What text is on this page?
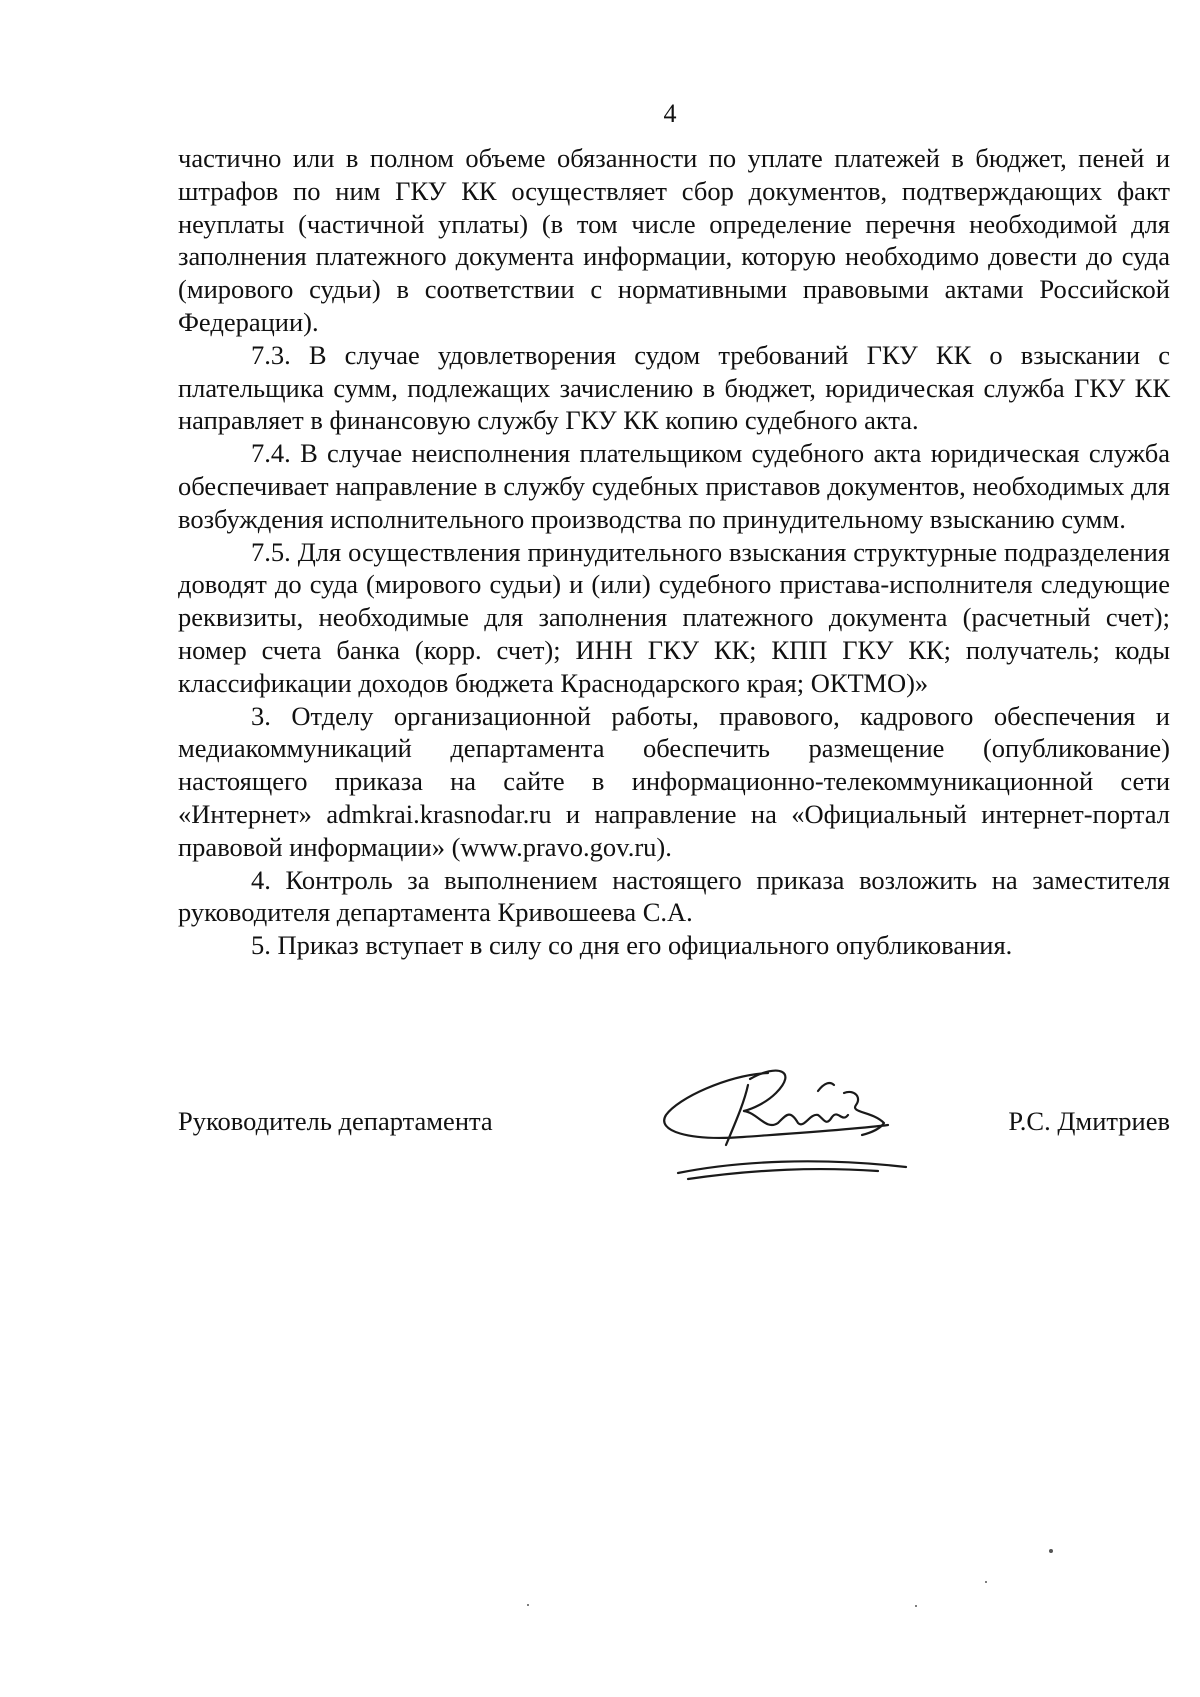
4

частично или в полном объеме обязанности по уплате платежей в бюджет, пеней и штрафов по ним ГКУ КК осуществляет сбор документов, подтверждающих факт неуплаты (частичной уплаты) (в том числе определение перечня необходимой для заполнения платежного документа информации, которую необходимо довести до суда (мирового судьи) в соответствии с нормативными правовыми актами Российской Федерации).

7.3. В случае удовлетворения судом требований ГКУ КК о взыскании с плательщика сумм, подлежащих зачислению в бюджет, юридическая служба ГКУ КК направляет в финансовую службу ГКУ КК копию судебного акта.

7.4. В случае неисполнения плательщиком судебного акта юридическая служба обеспечивает направление в службу судебных приставов документов, необходимых для возбуждения исполнительного производства по принудительному взысканию сумм.

7.5. Для осуществления принудительного взыскания структурные подразделения доводят до суда (мирового судьи) и (или) судебного пристава-исполнителя следующие реквизиты, необходимые для заполнения платежного документа (расчетный счет); номер счета банка (корр. счет); ИНН ГКУ КК; КПП ГКУ КК; получатель; коды классификации доходов бюджета Краснодарского края; ОКТМО)»

3. Отделу организационной работы, правового, кадрового обеспечения и медиакоммуникаций департамента обеспечить размещение (опубликование) настоящего приказа на сайте в информационно-телекоммуникационной сети «Интернет» admkrai.krasnodar.ru и направление на «Официальный интернет-портал правовой информации» (www.pravo.gov.ru).

4. Контроль за выполнением настоящего приказа возложить на заместителя руководителя департамента Кривошеева С.А.

5. Приказ вступает в силу со дня его официального опубликования.

Руководитель департамента	Р.С. Дмитриев
